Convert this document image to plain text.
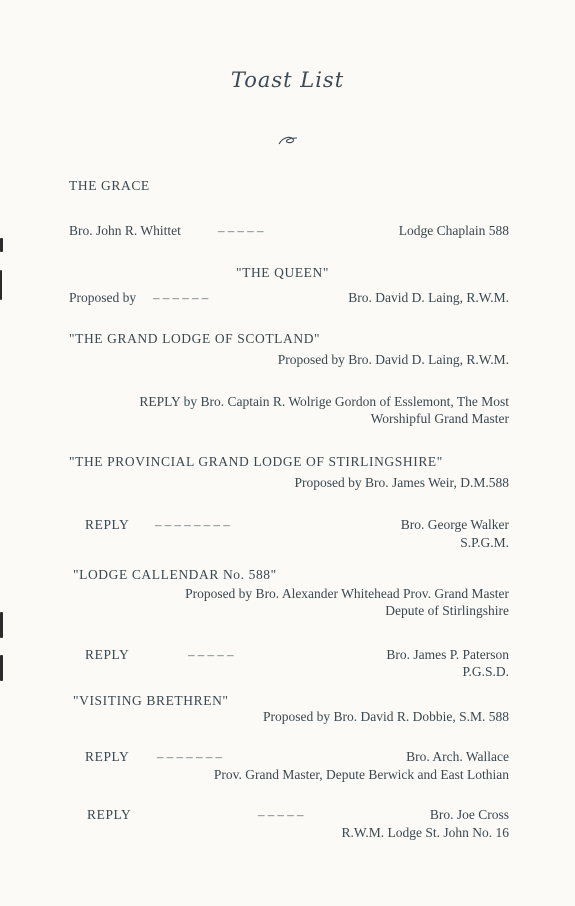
Toast List
THE GRACE
Bro. John R. Whittet	– – – – –	Lodge Chaplain 588
"THE QUEEN"
Proposed by – – – – – –	Bro. David D. Laing, R.W.M.
"THE GRAND LODGE OF SCOTLAND"
Proposed by Bro. David D. Laing, R.W.M.
REPLY by Bro. Captain R. Wolrige Gordon of Esslemont, The Most
Worshipful Grand Master
"THE PROVINCIAL GRAND LODGE OF STIRLINGSHIRE"
Proposed by Bro. James Weir, D.M.588
REPLY – – – – – – – –	Bro. George Walker
S.P.G.M.
"LODGE CALLENDAR No. 588"
Proposed by Bro. Alexander Whitehead Prov. Grand Master
Depute of Stirlingshire
REPLY	– – – – –	Bro. James P. Paterson
P.G.S.D.
"VISITING BRETHREN"
Proposed by Bro. David R. Dobbie, S.M. 588
REPLY – – – – – – –	Bro. Arch. Wallace
Prov. Grand Master, Depute Berwick and East Lothian
REPLY	– – – – –	Bro. Joe Cross
R.W.M. Lodge St. John No. 16
